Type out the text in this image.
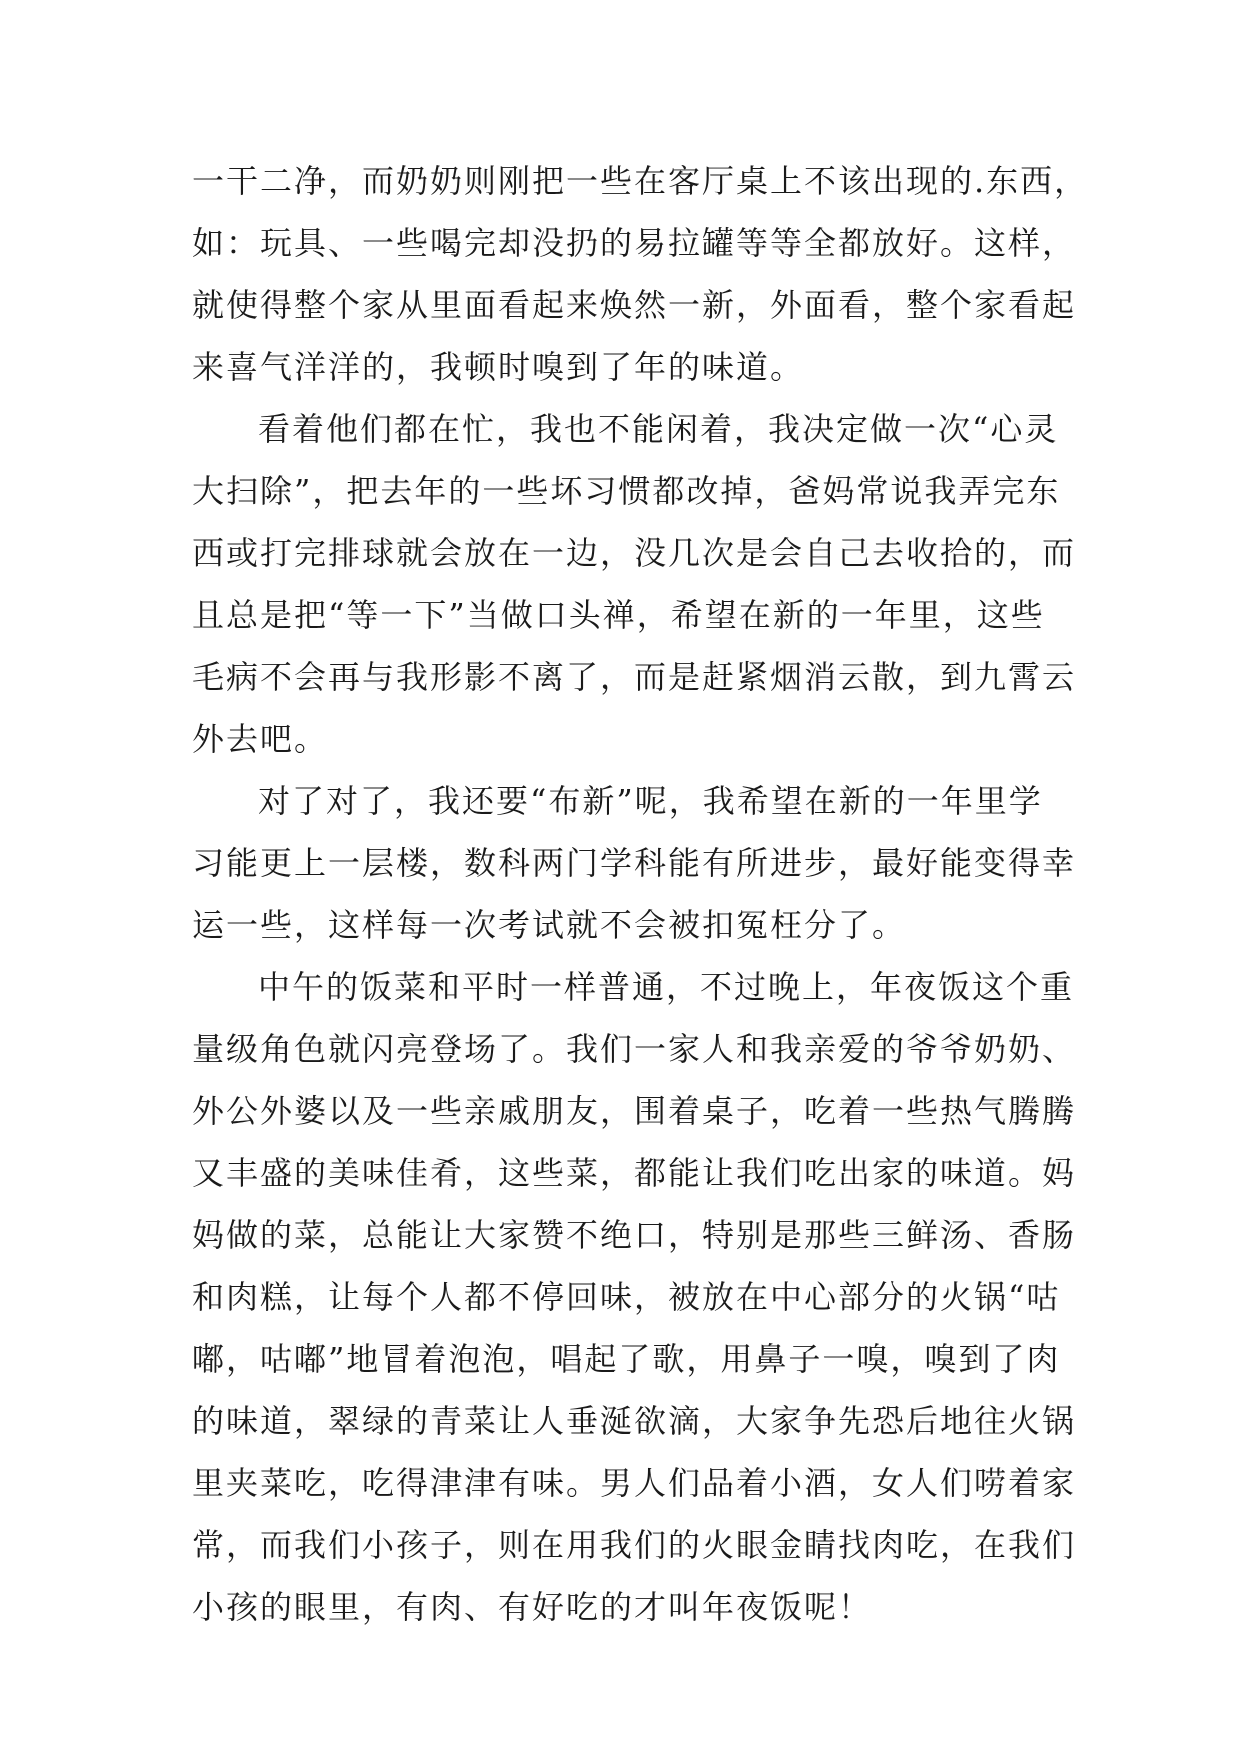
一干二净，而奶奶则刚把一些在客厅桌上不该出现的.东西，
如：玩具、一些喝完却没扔的易拉罐等等全都放好。这样，
就使得整个家从里面看起来焕然一新，外面看，整个家看起
来喜气洋洋的，我顿时嗅到了年的味道。
看着他们都在忙，我也不能闲着，我决定做一次“心灵
大扫除”，把去年的一些坏习惯都改掉，爸妈常说我弄完东
西或打完排球就会放在一边，没几次是会自己去收拾的，而
且总是把“等一下”当做口头禅，希望在新的一年里，这些
毛病不会再与我形影不离了，而是赶紧烟消云散，到九霄云
外去吧。
对了对了，我还要“布新”呢，我希望在新的一年里学
习能更上一层楼，数科两门学科能有所进步，最好能变得幸
运一些，这样每一次考试就不会被扣冤枉分了。
中午的饭菜和平时一样普通，不过晚上，年夜饭这个重
量级角色就闪亮登场了。我们一家人和我亲爱的爷爷奶奶、
外公外婆以及一些亲戚朋友，围着桌子，吃着一些热气腾腾
又丰盛的美味佳肴，这些菜，都能让我们吃出家的味道。妈
妈做的菜，总能让大家赞不绝口，特别是那些三鲜汤、香肠
和肉糕，让每个人都不停回味，被放在中心部分的火锅“咕
嘟，咕嘟”地冒着泡泡，唱起了歌，用鼻子一嗅，嗅到了肉
的味道，翠绿的青菜让人垂涎欲滴，大家争先恐后地往火锅
里夹菜吃，吃得津津有味。男人们品着小酒，女人们唠着家
常，而我们小孩子，则在用我们的火眼金睛找肉吃，在我们
小孩的眼里，有肉、有好吃的才叫年夜饭呢！
